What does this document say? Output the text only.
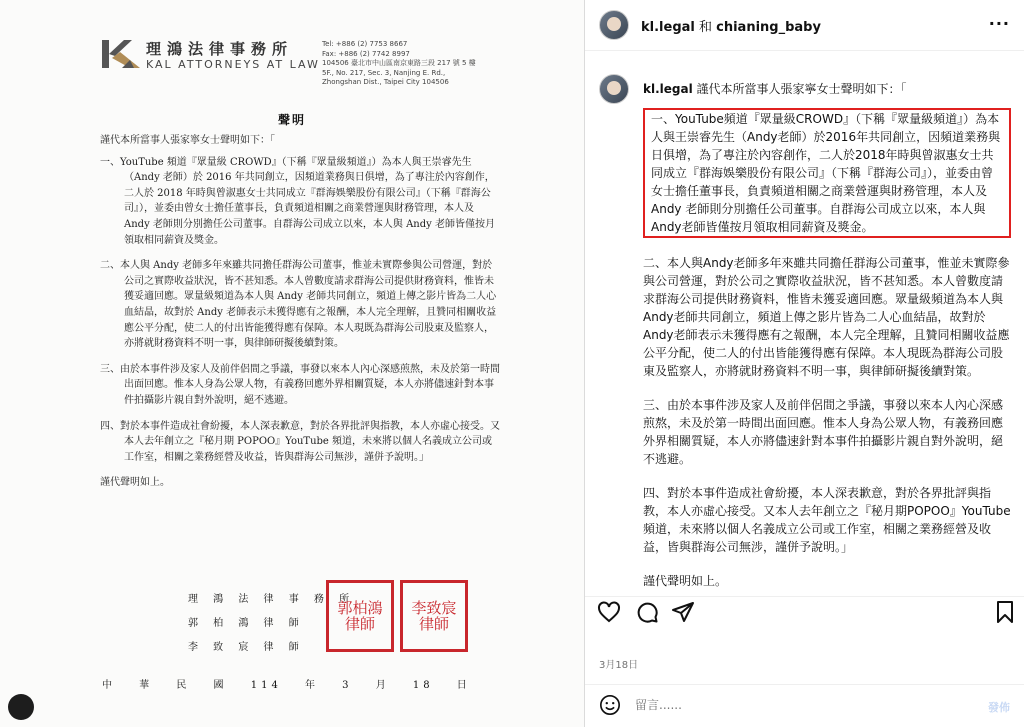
理鴻法律事務所
KAL ATTORNEYS AT LAW
Tel: +886 (2) 7753 8667
Fax: +886 (2) 7742 8997
104506 臺北市中山區南京東路三段 217 號 5 樓
5F., No. 217, Sec. 3, Nanjing E. Rd.,
Zhongshan Dist., Taipei City 104506
聲明

謹代本所當事人張家寧女士聲明如下：「

一、YouTube 頻道『眾量級 CROWD』（下稱『眾量級頻道』）為本人與王崇睿先生（Andy 老師）於 2016 年共同創立，因頻道業務與日俱增，為了專注於內容創作，二人於 2018 年時與曾淑惠女士共同成立『群海娛樂股份有限公司』（下稱『群海公司』），並委由曾女士擔任董事長，負責頻道相關之商業營運與財務管理，本人及 Andy 老師則分別擔任公司董事。自群海公司成立以來，本人與 Andy 老師皆僅按月領取相同薪資及獎金。

二、本人與 Andy 老師多年來雖共同擔任群海公司董事，惟並未實際參與公司營運，對於公司之實際收益狀況，皆不甚知悉。本人曾數度請求群海公司提供財務資料，惟皆未獲妥適回應。眾量級頻道為本人與 Andy 老師共同創立，頻道上傳之影片皆為二人心血結晶，故對於 Andy 老師表示未獲得應有之報酬，本人完全理解，且贊同相關收益應公平分配，使二人的付出皆能獲得應有保障。本人現既為群海公司股東及監察人，亦將就財務資料不明一事，與律師研擬後續對策。

三、由於本事件涉及家人及前伴侶間之爭議，事發以來本人內心深感煎熬，未及於第一時間出面回應。惟本人身為公眾人物，有義務回應外界相關質疑，本人亦將儘速針對本事件拍攝影片親自對外說明，絕不逃避。

四、對於本事件造成社會紛擾，本人深表歉意，對於各界批評與指教，本人亦虛心接受。又本人去年創立之『秘月期 POPOO』YouTube 頻道，未來將以個人名義成立公司或工作室，相關之業務經營及收益，皆與群海公司無涉，謹併予說明。」

謹代聲明如上。

理 鴻 法 律 事 務 所
郭 柏 鴻 律 師
李 致 宸 律 師
郭柏鴻律師
李致宸律師
中 華 民 國 114 年 3 月 18 日
kl.legal 和 chianing_baby	···
kl.legal 謹代本所當事人張家寧女士聲明如下：「

一、YouTube頻道『眾量級CROWD』（下稱『眾量級頻道』）為本人與王崇睿先生（Andy老師）於2016年共同創立，因頻道業務與日俱增，為了專注於內容創作，二人於2018年時與曾淑惠女士共同成立『群海娛樂股份有限公司』（下稱『群海公司』），並委由曾女士擔任董事長，負責頻道相關之商業營運與財務管理，本人及 Andy 老師則分別擔任公司董事。自群海公司成立以來，本人與Andy老師皆僅按月領取相同薪資及獎金。

二、本人與Andy老師多年來雖共同擔任群海公司董事，惟並未實際參與公司營運，對於公司之實際收益狀況，皆不甚知悉。本人曾數度請求群海公司提供財務資料，惟皆未獲妥適回應。眾量級頻道為本人與Andy老師共同創立，頻道上傳之影片皆為二人心血結晶，故對於Andy老師表示未獲得應有之報酬，本人完全理解，且贊同相關收益應公平分配，使二人的付出皆能獲得應有保障。本人現既為群海公司股東及監察人，亦將就財務資料不明一事，與律師研擬後續對策。

三、由於本事件涉及家人及前伴侶間之爭議，事發以來本人內心深感煎熬，未及於第一時間出面回應。惟本人身為公眾人物，有義務回應外界相關質疑，本人亦將儘速針對本事件拍攝影片親自對外說明，絕不逃避。

四、對於本事件造成社會紛擾，本人深表歉意，對於各界批評與指教，本人亦虛心接受。又本人去年創立之『秘月期POPOO』YouTube頻道，未來將以個人名義成立公司或工作室，相關之業務經營及收益，皆與群海公司無涉，謹併予說明。」

謹代聲明如上。

3月18日
留言......
發佈
